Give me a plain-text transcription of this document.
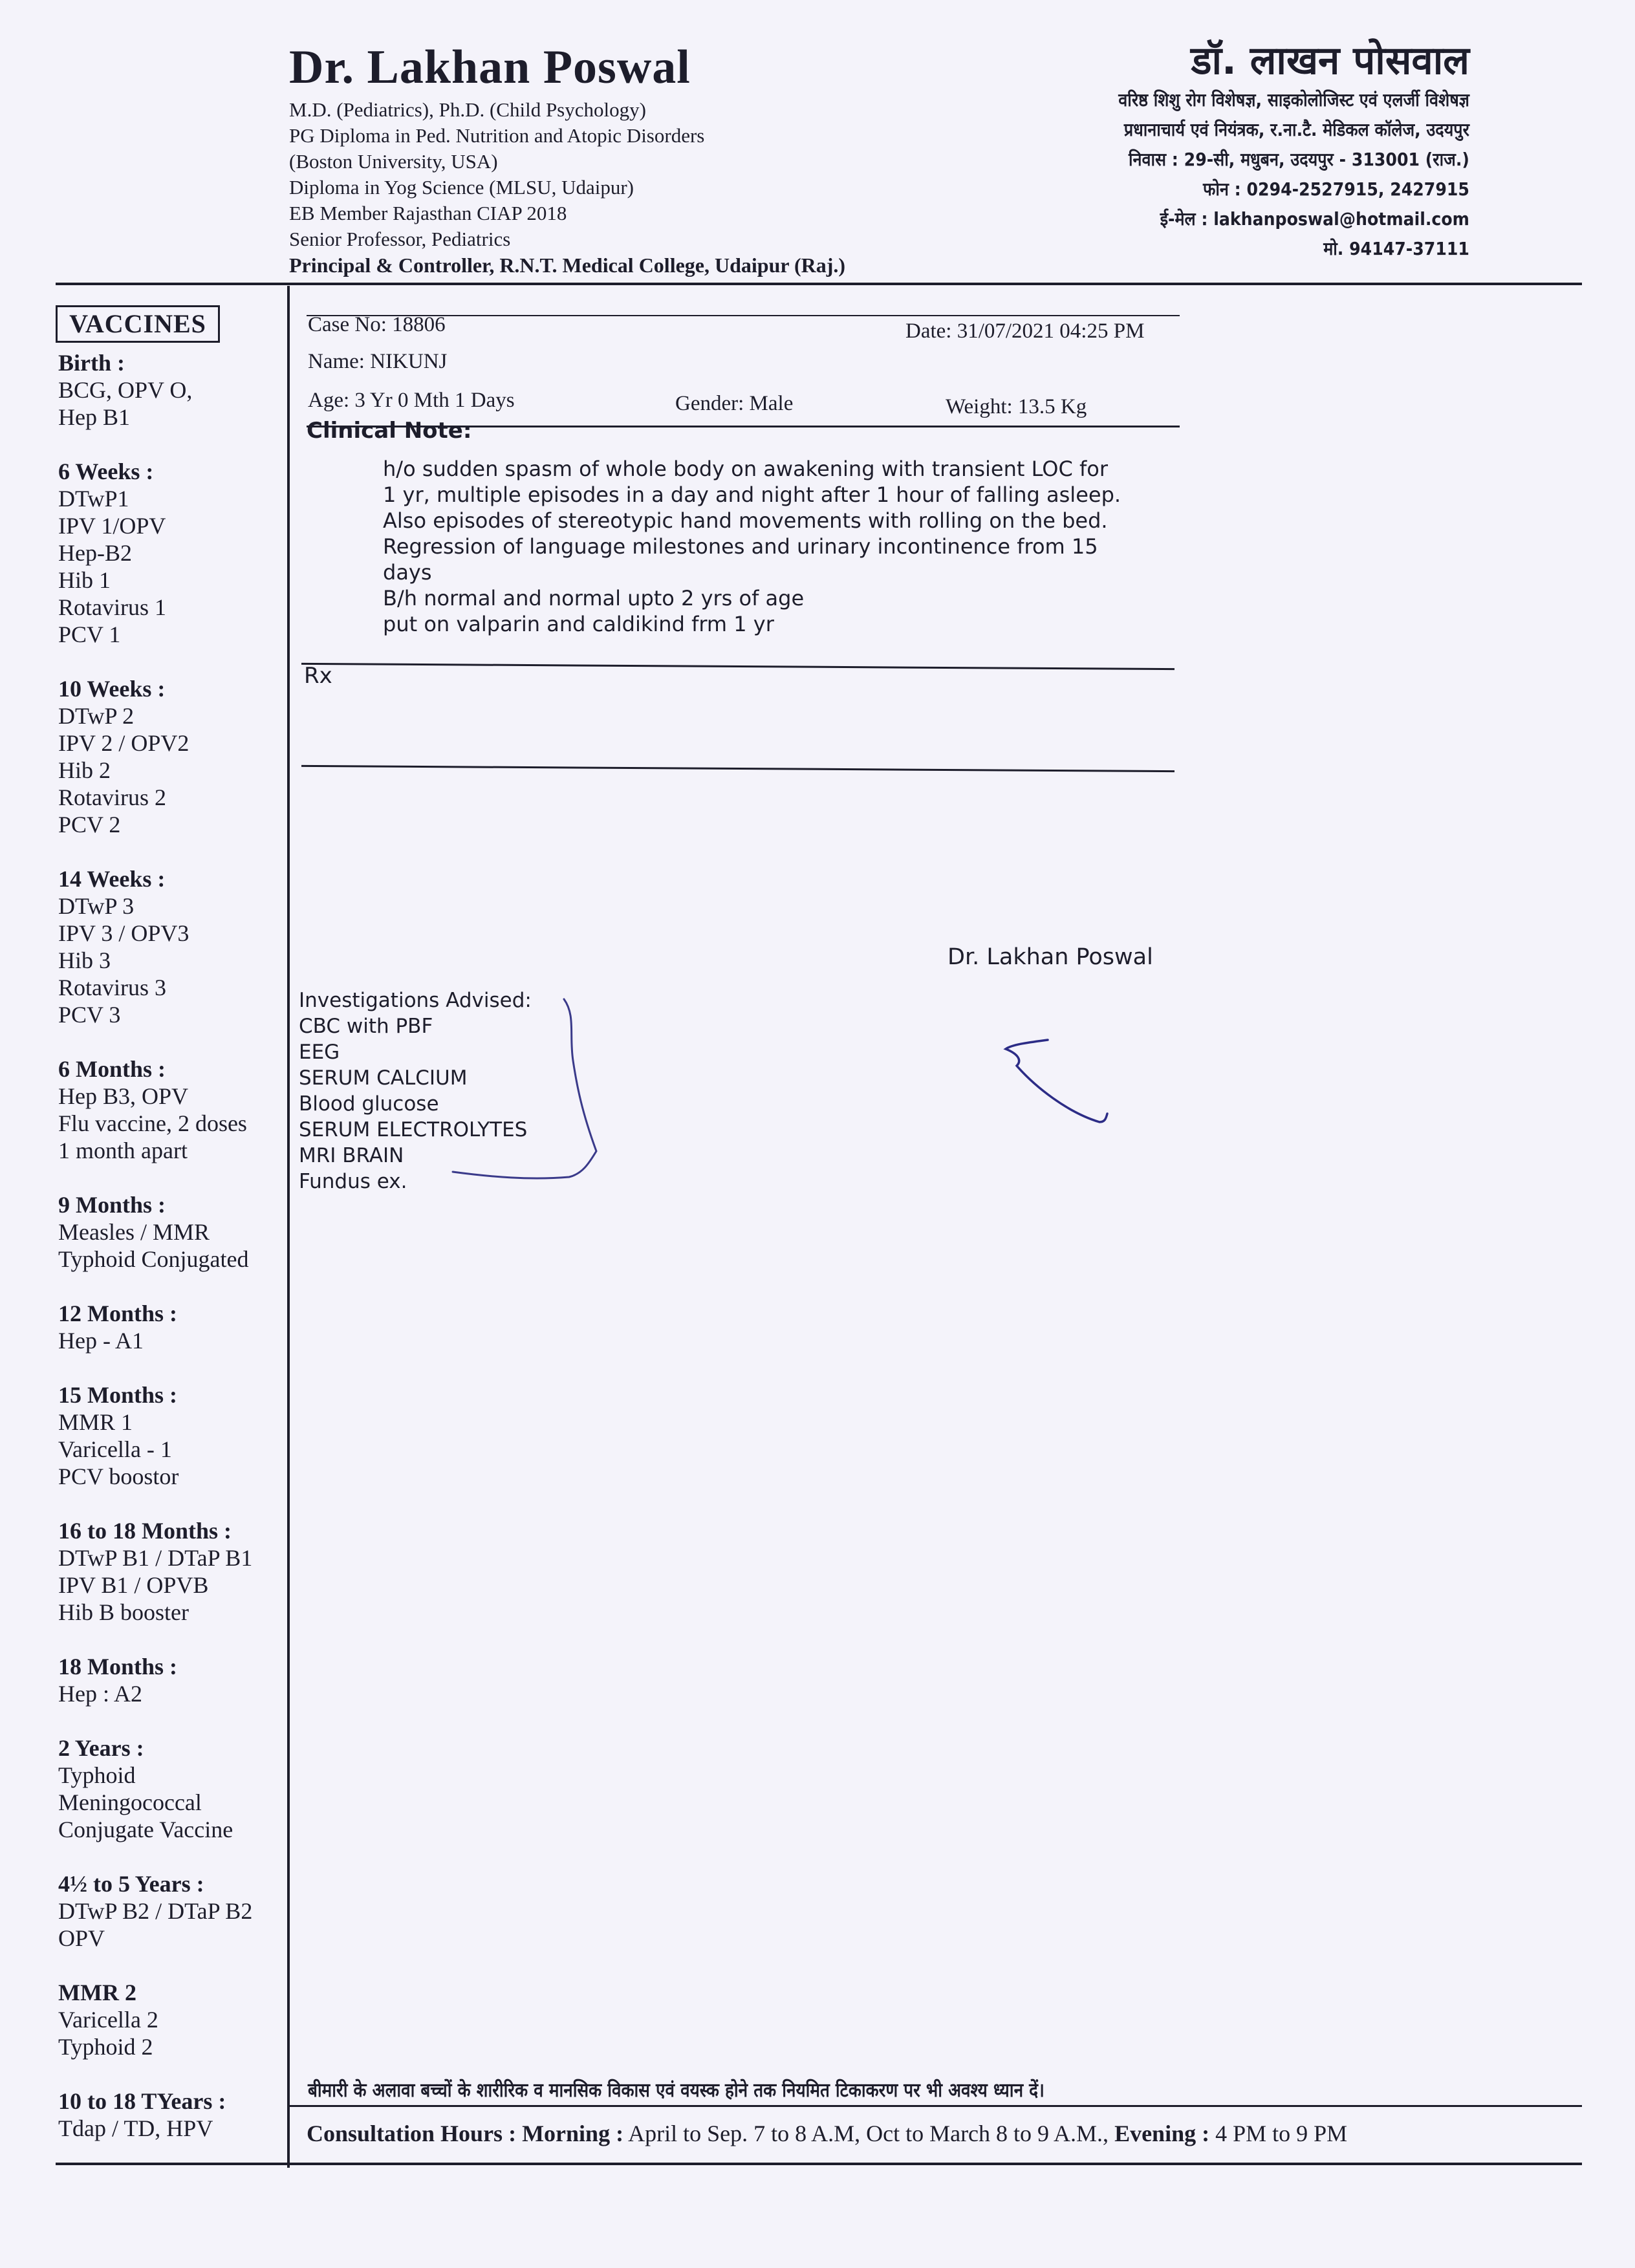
Dr. Lakhan Poswal
M.D. (Pediatrics), Ph.D. (Child Psychology)
PG Diploma in Ped. Nutrition and Atopic Disorders
(Boston University, USA)
Diploma in Yog Science (MLSU, Udaipur)
EB Member Rajasthan CIAP 2018
Senior Professor, Pediatrics
Principal & Controller, R.N.T. Medical College, Udaipur (Raj.)
डॉ. लाखन पोसवाल
वरिष्ठ शिशु रोग विशेषज्ञ, साइकोलोजिस्ट एवं एलर्जी विशेषज्ञ
प्रधानाचार्य एवं नियंत्रक, र.ना.टै. मेडिकल कॉलेज, उदयपुर
निवास : 29-सी, मधुबन, उदयपुर - 313001 (राज.)
फोन : 0294-2527915, 2427915
ई-मेल : lakhanposwal@hotmail.com
मो. 94147-37111
VACCINES
Birth :
BCG, OPV O,
Hep B1
6 Weeks :
DTwP1
IPV 1/OPV
Hep-B2
Hib 1
Rotavirus 1
PCV 1
10 Weeks :
DTwP 2
IPV 2 / OPV2
Hib 2
Rotavirus 2
PCV 2
14 Weeks :
DTwP 3
IPV 3 / OPV3
Hib 3
Rotavirus 3
PCV 3
6 Months :
Hep B3, OPV
Flu vaccine, 2 doses
1 month apart
9 Months :
Measles / MMR
Typhoid Conjugated
12 Months :
Hep - A1
15 Months :
MMR 1
Varicella - 1
PCV boostor
16 to 18 Months :
DTwP B1 / DTaP B1
IPV B1 / OPVB
Hib B booster
18 Months :
Hep : A2
2 Years :
Typhoid
Meningococcal
Conjugate Vaccine
4½ to 5 Years :
DTwP B2 / DTaP B2
OPV
MMR 2
Varicella 2
Typhoid 2
10 to 18 TYears :
Tdap / TD, HPV
Case No: 18806	Date: 31/07/2021 04:25 PM
Name: NIKUNJ
Age: 3 Yr 0 Mth 1 Days	Gender: Male	Weight: 13.5 Kg
Clinical Note:
h/o sudden spasm of whole body on awakening with transient LOC for
1 yr, multiple episodes in a day and night after 1 hour of falling asleep.
Also episodes of stereotypic hand movements with rolling on the bed.
Regression of language milestones and urinary incontinence from 15
days
B/h normal and normal upto 2 yrs of age
put on valparin and caldikind frm 1 yr
Rx
Dr. Lakhan Poswal
Investigations Advised:
CBC with PBF
EEG
SERUM CALCIUM
Blood glucose
SERUM ELECTROLYTES
MRI BRAIN
Fundus ex.
बीमारी के अलावा बच्चों के शारीरिक व मानसिक विकास एवं वयस्क होने तक नियमित टिकाकरण पर भी अवश्य ध्यान दें।
Consultation Hours : Morning : April to Sep. 7 to 8 A.M, Oct to March 8 to 9 A.M., Evening : 4 PM to 9 PM
